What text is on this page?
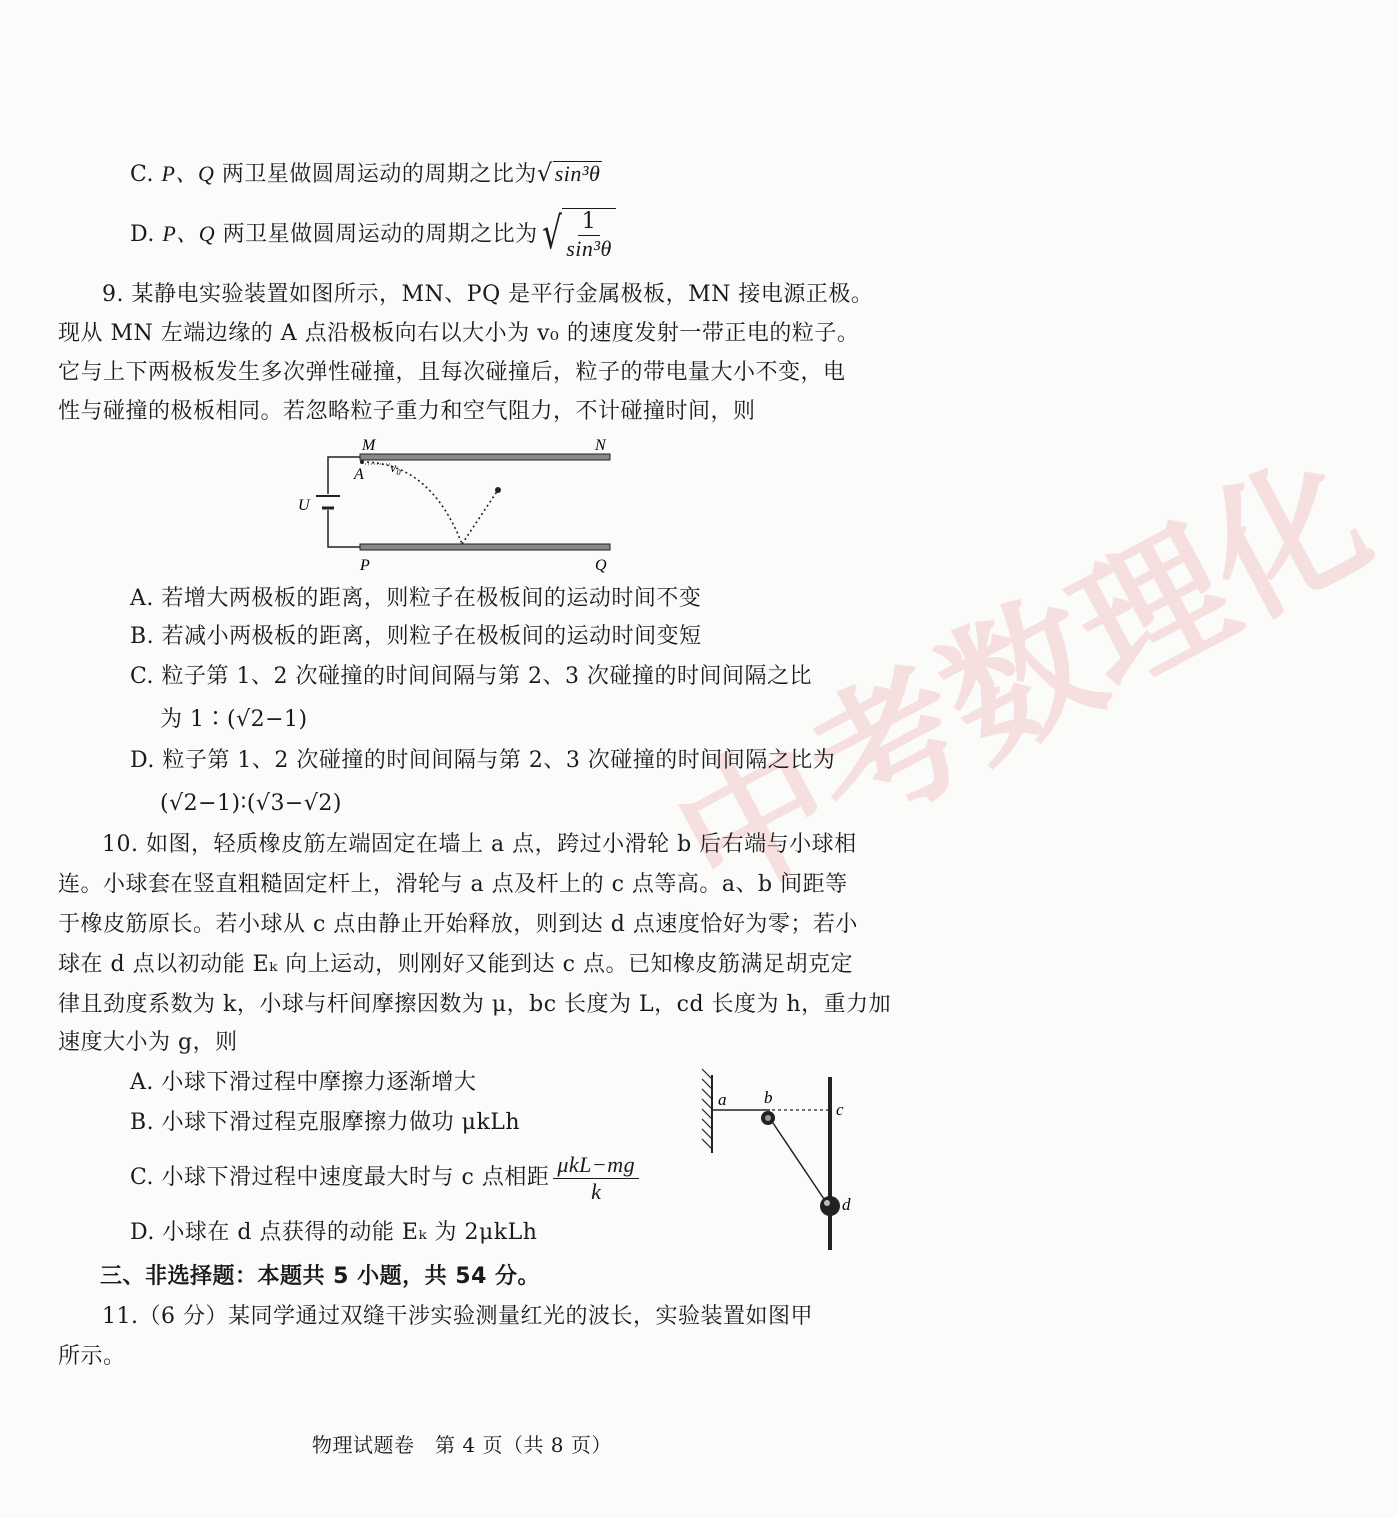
中考数理化
C. P、Q 两卫星做圆周运动的周期之比为√sin³θ
D. P、Q 两卫星做圆周运动的周期之比为 √ $\frac{1}{\text{sin³θ}}$
9. 某静电实验装置如图所示，MN、PQ 是平行金属极板，MN 接电源正极。
现从 MN 左端边缘的 A 点沿极板向右以大小为 v₀ 的速度发射一带正电的粒子。
它与上下两极板发生多次弹性碰撞，且每次碰撞后，粒子的带电量大小不变，电
性与碰撞的极板相同。若忽略粒子重力和空气阻力，不计碰撞时间，则
M	N
A v₀
U
P	Q
A. 若增大两极板的距离，则粒子在极板间的运动时间不变
B. 若减小两极板的距离，则粒子在极板间的运动时间变短
C. 粒子第 1、2 次碰撞的时间间隔与第 2、3 次碰撞的时间间隔之比
为 1∶(√2−1)
D. 粒子第 1、2 次碰撞的时间间隔与第 2、3 次碰撞的时间间隔之比为
(√2−1)∶(√3−√2)
10. 如图，轻质橡皮筋左端固定在墙上 a 点，跨过小滑轮 b 后右端与小球相
连。小球套在竖直粗糙固定杆上，滑轮与 a 点及杆上的 c 点等高。a、b 间距等
于橡皮筋原长。若小球从 c 点由静止开始释放，则到达 d 点速度恰好为零；若小
球在 d 点以初动能 Eₖ 向上运动，则刚好又能到达 c 点。已知橡皮筋满足胡克定
律且劲度系数为 k，小球与杆间摩擦因数为 μ，bc 长度为 L，cd 长度为 h，重力加
速度大小为 g，则
A. 小球下滑过程中摩擦力逐渐增大
B. 小球下滑过程克服摩擦力做功 μkLh
C. 小球下滑过程中速度最大时与 c 点相距 $\frac{\text{μkL−mg}}{k}$
D. 小球在 d 点获得的动能 Eₖ 为 2μkLh
a b
c
d
三、非选择题：本题共 5 小题，共 54 分。
11.（6 分）某同学通过双缝干涉实验测量红光的波长，实验装置如图甲
所示。
物理试题卷　第 4 页（共 8 页）
